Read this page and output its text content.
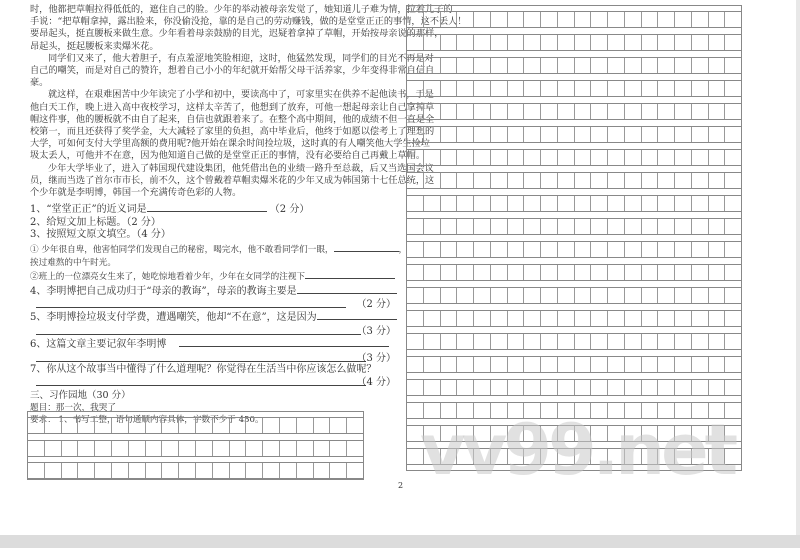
时，他都把草帽拉得低低的，遮住自己的脸。少年的举动被母亲发觉了，她知道儿子难为情，拉着儿子的

手说：“把草帽拿掉，露出脸来，你没偷没抢，靠的是自己的劳动赚钱，做的是堂堂正正的事情，这不丢人！

要昂起头，挺直腰板来做生意。少年看着母亲鼓励的目光，迟疑着拿掉了草帽，开始按母亲说的那样，

昂起头，挺起腰板来卖爆米花。

同学们又来了，他大着胆子，有点羞涩地笑脸相迎，这时，他猛然发现，同学们的目光不再是对

自己的嘲笑，而是对自己的赞许，想着自己小小的年纪就开始帮父母干活养家，少年变得非常自信自

豪。

就这样，在艰难困苦中少年读完了小学和初中，要读高中了，可家里实在供养不起他读书，于是

他白天工作，晚上进入高中夜校学习，这样太辛苦了，他想到了放弃，可他一想起母亲让自己拿掉草

帽这件事，他的腰板就不由自了起来，自信也就跟着来了。在整个高中期间，他的成绩不但一直是全

校第一，而且还获得了奖学金，大大减轻了家里的负担，高中毕业后，他终于如愿以偿考上了理想的

大学，可如何支付大学里高额的费用呢?他开始在课余时间捡垃圾，这时真的有人嘲笑他大学生捡垃

圾太丢人，可他并不在意，因为他知道自己做的是堂堂正正的事情，没有必要给自己再戴上草帽。

少年大学毕业了，进入了韩国现代建设集团，他凭借出色的业绩一路升至总裁，后又当选国会议

员，继而当选了首尔市市长，前不久，这个曾戴着草帽卖爆米花的少年又成为韩国第十七任总统，这

个少年就是李明博，韩国一个充满传奇色彩的人物。

1、“堂堂正正”的近义词是	（2 分）

2、给短文加上标题。（2 分）

3、按照短文原文填空。（4 分）

① 少年很自卑，他害怕同学们发现自己的秘密，喝完水，他不敢看同学们一眼，	，

挨过难熬的中午时光。

②班上的一位漂亮女生来了，她吃惊地看着少年，少年在女同学的注视下

4、李明博把自己成功归于“母亲的教诲”，母亲的教诲主要是

（2 分）

5、李明博捡垃圾支付学费，遭遇嘲笑，他却“不在意”，这是因为

（3 分）

6、这篇文章主要记叙年李明博

（3 分）

7、你从这个故事当中懂得了什么道理呢？你觉得在生活当中你应该怎么做呢？

（4 分）

三、习作园地（30 分）

题目：那一次，我哭了

要求： 1、书写工整，语句通顺内容具体，字数不少于 450。	vv99.net
2
